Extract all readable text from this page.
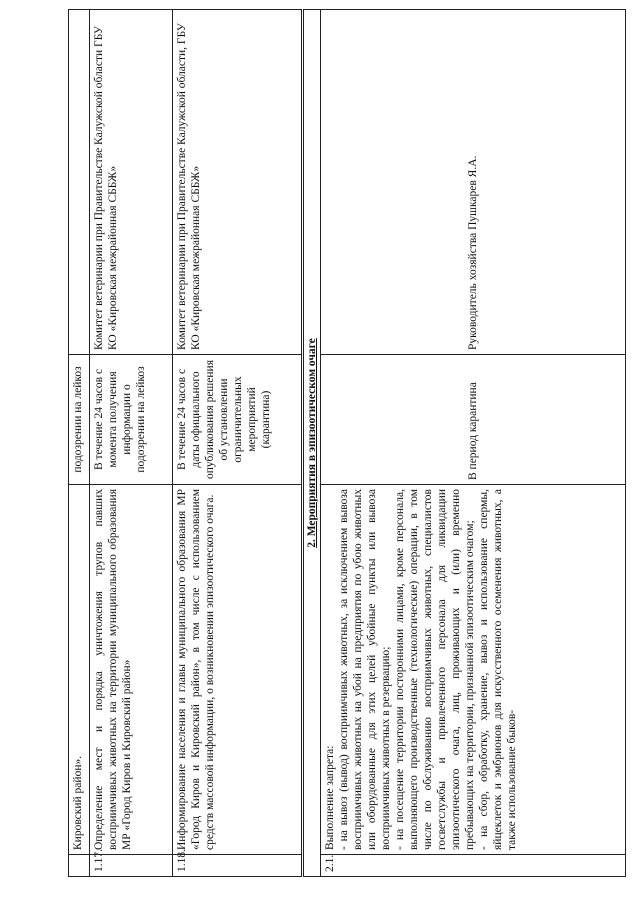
	Кировский район».	подозрении на лейкоз	
1.17.	Определение мест и порядка уничтожения трупов павших восприимчивых животных на территории муниципального образования МР «Город Киров и Кировский район»	В течение 24 часов с момента получения информации о подозрении на лейкоз	Комитет ветеринарии при Правительстве Калужской области ГБУ КО «Кировская межрайонная СББЖ»
1.18.	Информирование населения и главы муниципального образования МР «Город Киров и Кировский район», в том числе с использованием средств массовой информации, о возникновении эпизоотического очага.	В течение 24 часов с даты официального опубликования решения об установлении ограничительных мероприятий (карантина)	Комитет ветеринарии при Правительстве Калужской области, ГБУ КО «Кировская межрайонная СББЖ»
2. Мероприятия в эпизоотическом очаге			
2.1.	Выполнение запрета: - на вывоз (вывод) восприимчивых животных, за исключением вывоза восприимчивых животных на убой на предприятия по убою животных или оборудованные для этих целей убойные пункты или вывоза восприимчивых животных в резервацию; - на посещение территории посторонними лицами, кроме персонала, выполняющего производственные (технологические) операции, в том числе по обслуживанию восприимчивых животных, специалистов госветслужбы и привлеченного персонала для ликвидации эпизоотического очага, лиц, проживающих и (или) временно пребывающих на территории, признанной эпизоотическим очагом; - на сбор, обработку, хранение, вывоз и использование спермы, яйцеклеток и эмбрионов для искусственного осеменения животных, а также использование быков-	В период карантина	Руководитель хозяйства Пушкарев Я.А.
